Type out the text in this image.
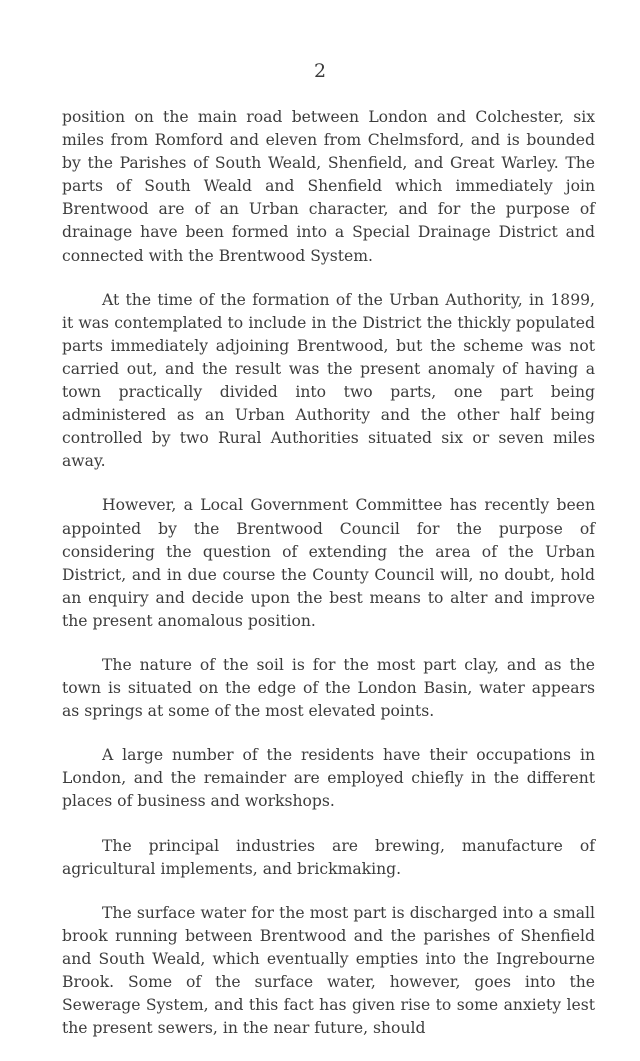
2

position on the main road between London and Colchester, six miles from Romford and eleven from Chelmsford, and is bounded by the Parishes of South Weald, Shenfield, and Great Warley. The parts of South Weald and Shenfield which immediately join Brentwood are of an Urban character, and for the purpose of drainage have been formed into a Special Drainage District and connected with the Brentwood System.

At the time of the formation of the Urban Authority, in 1899, it was contemplated to include in the District the thickly populated parts immediately adjoining Brentwood, but the scheme was not carried out, and the result was the present anomaly of having a town practically divided into two parts, one part being administered as an Urban Authority and the other half being controlled by two Rural Authorities situated six or seven miles away.

However, a Local Government Committee has recently been appointed by the Brentwood Council for the purpose of considering the question of extending the area of the Urban District, and in due course the County Council will, no doubt, hold an enquiry and decide upon the best means to alter and improve the present anomalous position.

The nature of the soil is for the most part clay, and as the town is situated on the edge of the London Basin, water appears as springs at some of the most elevated points.

A large number of the residents have their occupations in London, and the remainder are employed chiefly in the different places of business and workshops.

The principal industries are brewing, manufacture of agricultural implements, and brickmaking.

The surface water for the most part is discharged into a small brook running between Brentwood and the parishes of Shenfield and South Weald, which eventually empties into the Ingrebourne Brook. Some of the surface water, however, goes into the Sewerage System, and this fact has given rise to some anxiety lest the present sewers, in the near future, should
